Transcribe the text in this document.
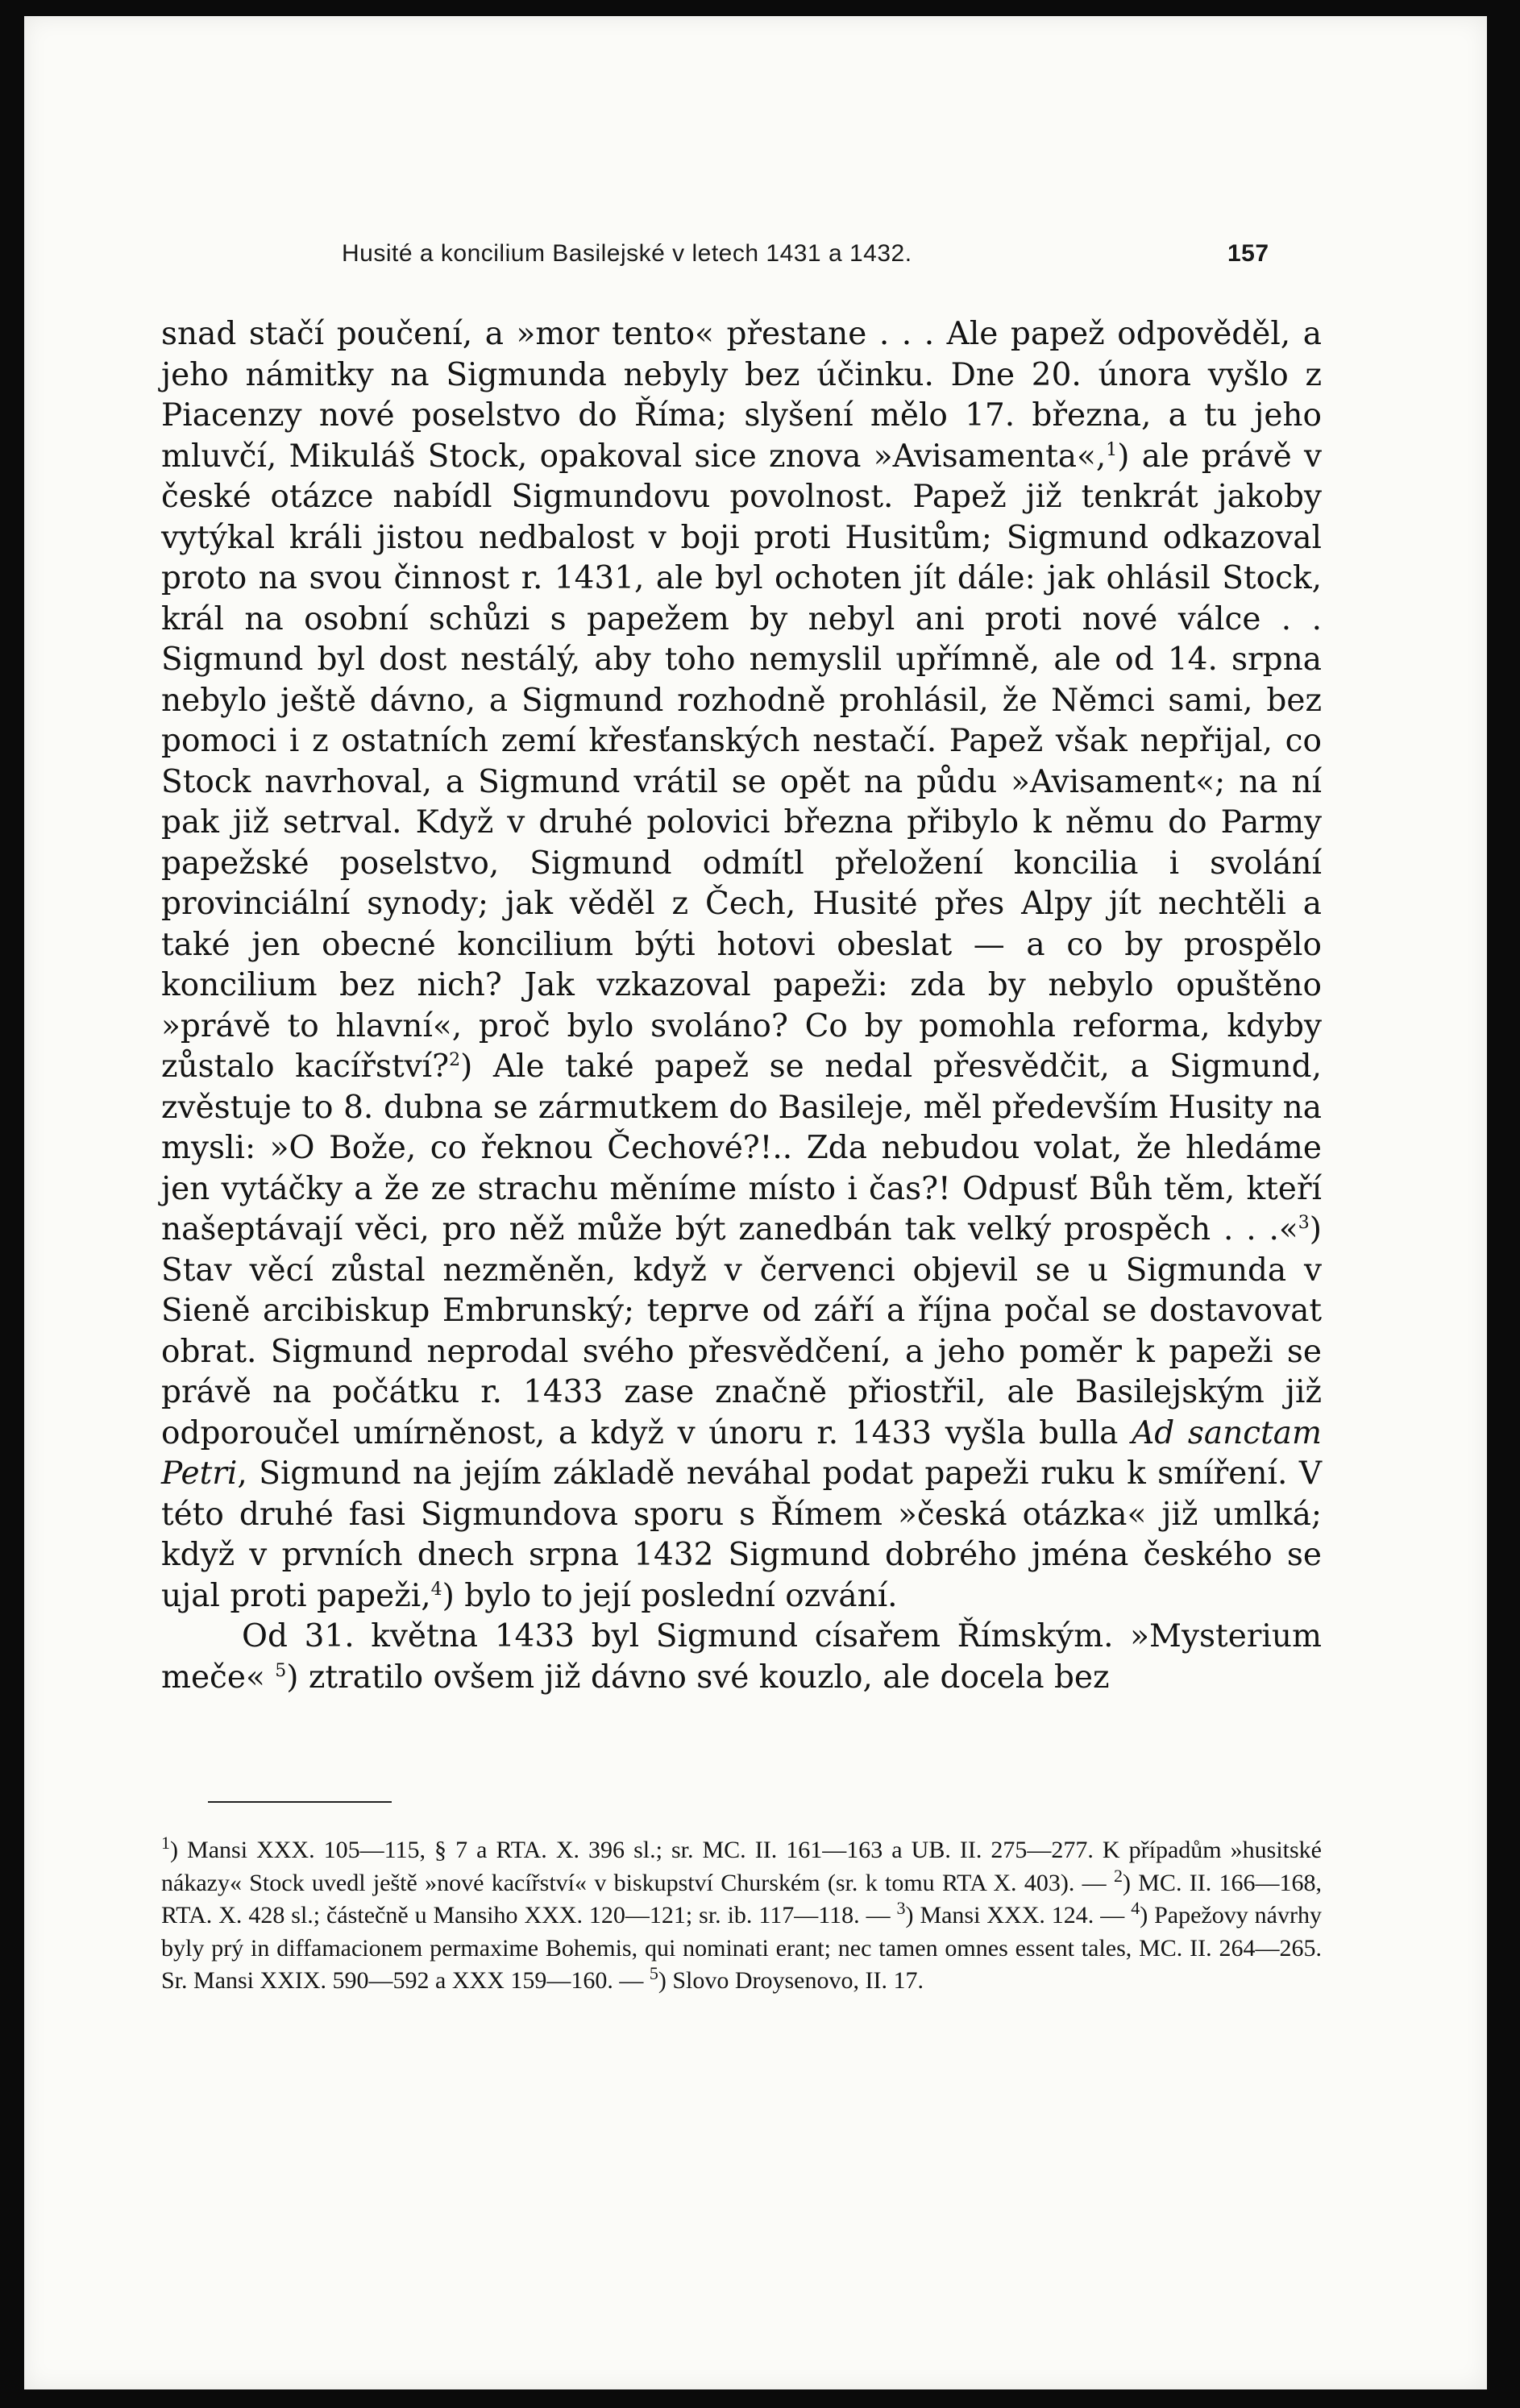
Husité a koncilium Basilejské v letech 1431 a 1432.	157

snad stačí poučení, a »mor tento« přestane . . . Ale papež odpověděl, a jeho námitky na Sigmunda nebyly bez účinku. Dne 20. února vyšlo z Piacenzy nové poselstvo do Říma; slyšení mělo 17. března, a tu jeho mluvčí, Mikuláš Stock, opakoval sice znova »Avisamenta«,$^1$) ale právě v české otázce nabídl Sigmundovu povolnost. Papež již tenkrát jakoby vytýkal králi jistou nedbalost v boji proti Husitům; Sigmund odkazoval proto na svou činnost r. 1431, ale byl ochoten jít dále: jak ohlásil Stock, král na osobní schůzi s papežem by nebyl ani proti nové válce . . Sigmund byl dost nestálý, aby toho nemyslil upřímně, ale od 14. srpna nebylo ještě dávno, a Sigmund rozhodně prohlásil, že Němci sami, bez pomoci i z ostatních zemí křesťanských nestačí. Papež však nepřijal, co Stock navrhoval, a Sigmund vrátil se opět na půdu »Avisament«; na ní pak již setrval. Když v druhé polovici března přibylo k němu do Parmy papežské poselstvo, Sigmund odmítl přeložení koncilia i svolání provinciální synody; jak věděl z Čech, Husité přes Alpy jít nechtěli a také jen obecné koncilium býti hotovi obeslat — a co by prospělo koncilium bez nich? Jak vzkazoval papeži: zda by nebylo opuštěno »právě to hlavní«, proč bylo svoláno? Co by pomohla reforma, kdyby zůstalo kacířství?$^2$) Ale také papež se nedal přesvědčit, a Sigmund, zvěstuje to 8. dubna se zármutkem do Basileje, měl především Husity na mysli: »O Bože, co řeknou Čechové?!.. Zda nebudou volat, že hledáme jen vytáčky a že ze strachu měníme místo i čas?! Odpusť Bůh těm, kteří našeptávají věci, pro něž může být zanedbán tak velký prospěch . . .«$^3$) Stav věcí zůstal nezměněn, když v červenci objevil se u Sigmunda v Sieně arcibiskup Embrunský; teprve od září a října počal se dostavovat obrat. Sigmund neprodal svého přesvědčení, a jeho poměr k papeži se právě na počátku r. 1433 zase značně přiostřil, ale Basilejským již odporoučel umírněnost, a když v únoru r. 1433 vyšla bulla Ad sanctam Petri, Sigmund na jejím základě neváhal podat papeži ruku k smíření. V této druhé fasi Sigmundova sporu s Římem »česká otázka« již umlká; když v prvních dnech srpna 1432 Sigmund dobrého jména českého se ujal proti papeži,$^4$) bylo to její poslední ozvání.

Od 31. května 1433 byl Sigmund císařem Římským. »Mysterium meče« $^5$) ztratilo ovšem již dávno své kouzlo, ale docela bez

$^1$) Mansi XXX. 105—115, § 7 a RTA. X. 396 sl.; sr. MC. II. 161—163 a UB. II. 275—277. K případům »husitské nákazy« Stock uvedl ještě »nové kacířství« v biskupství Churském (sr. k tomu RTA X. 403). — $^2$) MC. II. 166—168, RTA. X. 428 sl.; částečně u Mansiho XXX. 120—121; sr. ib. 117—118. — $^3$) Mansi XXX. 124. — $^4$) Papežovy návrhy byly prý in diffamacionem permaxime Bohemis, qui nominati erant; nec tamen omnes essent tales, MC. II. 264—265. Sr. Mansi XXIX. 590—592 a XXX 159—160. — $^5$) Slovo Droysenovo, II. 17.
